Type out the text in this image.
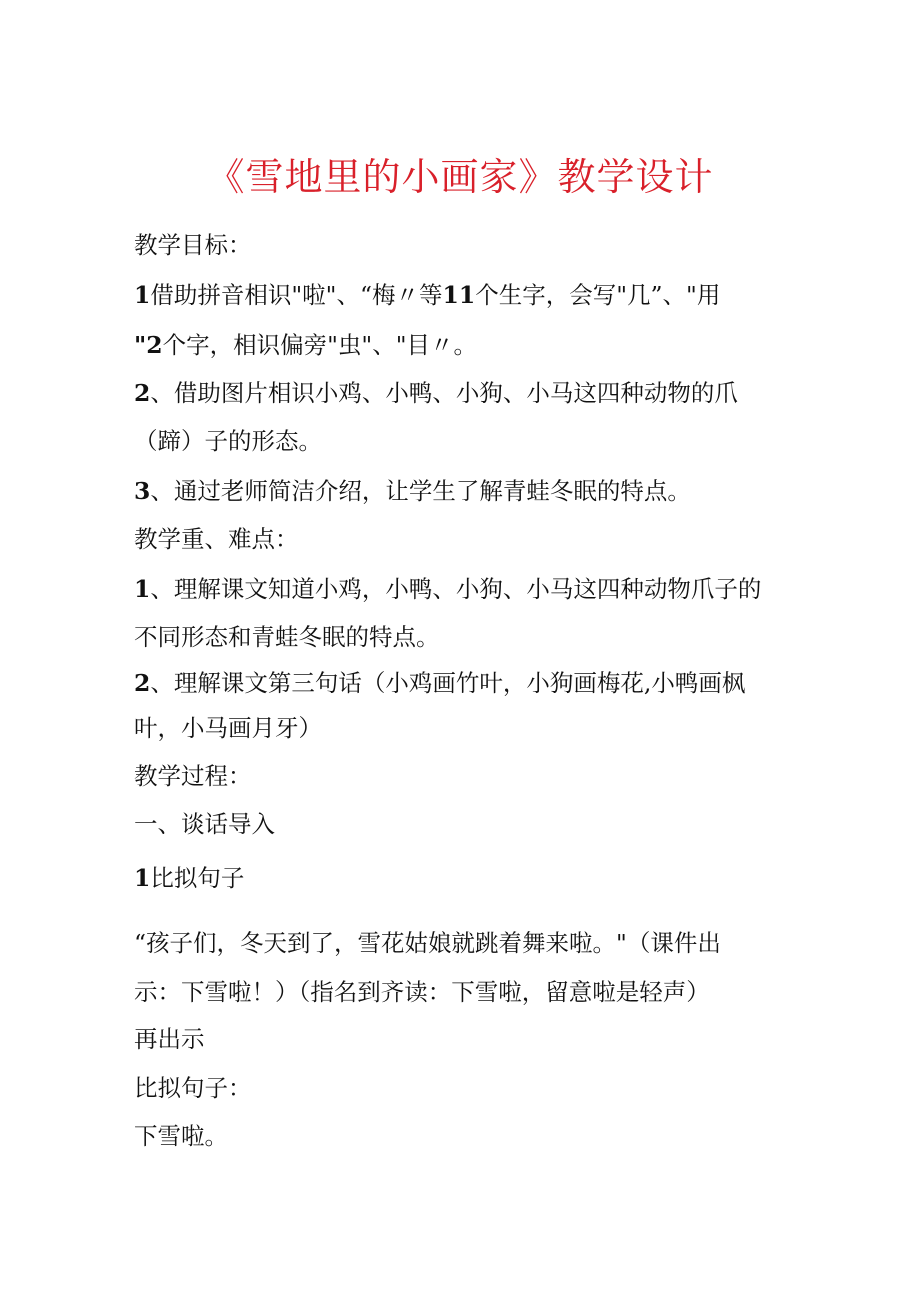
《雪地里的小画家》教学设计
教学目标：
1借助拼音相识"啦"、“梅〃等11个生字，会写"几”、"用
"2个字，相识偏旁"虫"、"目〃。
2、借助图片相识小鸡、小鸭、小狗、小马这四种动物的爪
（蹄）子的形态。
3、通过老师简洁介绍，让学生了解青蛙冬眠的特点。
教学重、难点：
1、理解课文知道小鸡，小鸭、小狗、小马这四种动物爪子的
不同形态和青蛙冬眠的特点。
2、理解课文第三句话（小鸡画竹叶，小狗画梅花,小鸭画枫
叶，小马画月牙）
教学过程：
一、谈话导入
1比拟句子
“孩子们，冬天到了，雪花姑娘就跳着舞来啦。"（课件出
示：下雪啦！）（指名到齐读：下雪啦，留意啦是轻声）
再出示
比拟句子：
下雪啦。
